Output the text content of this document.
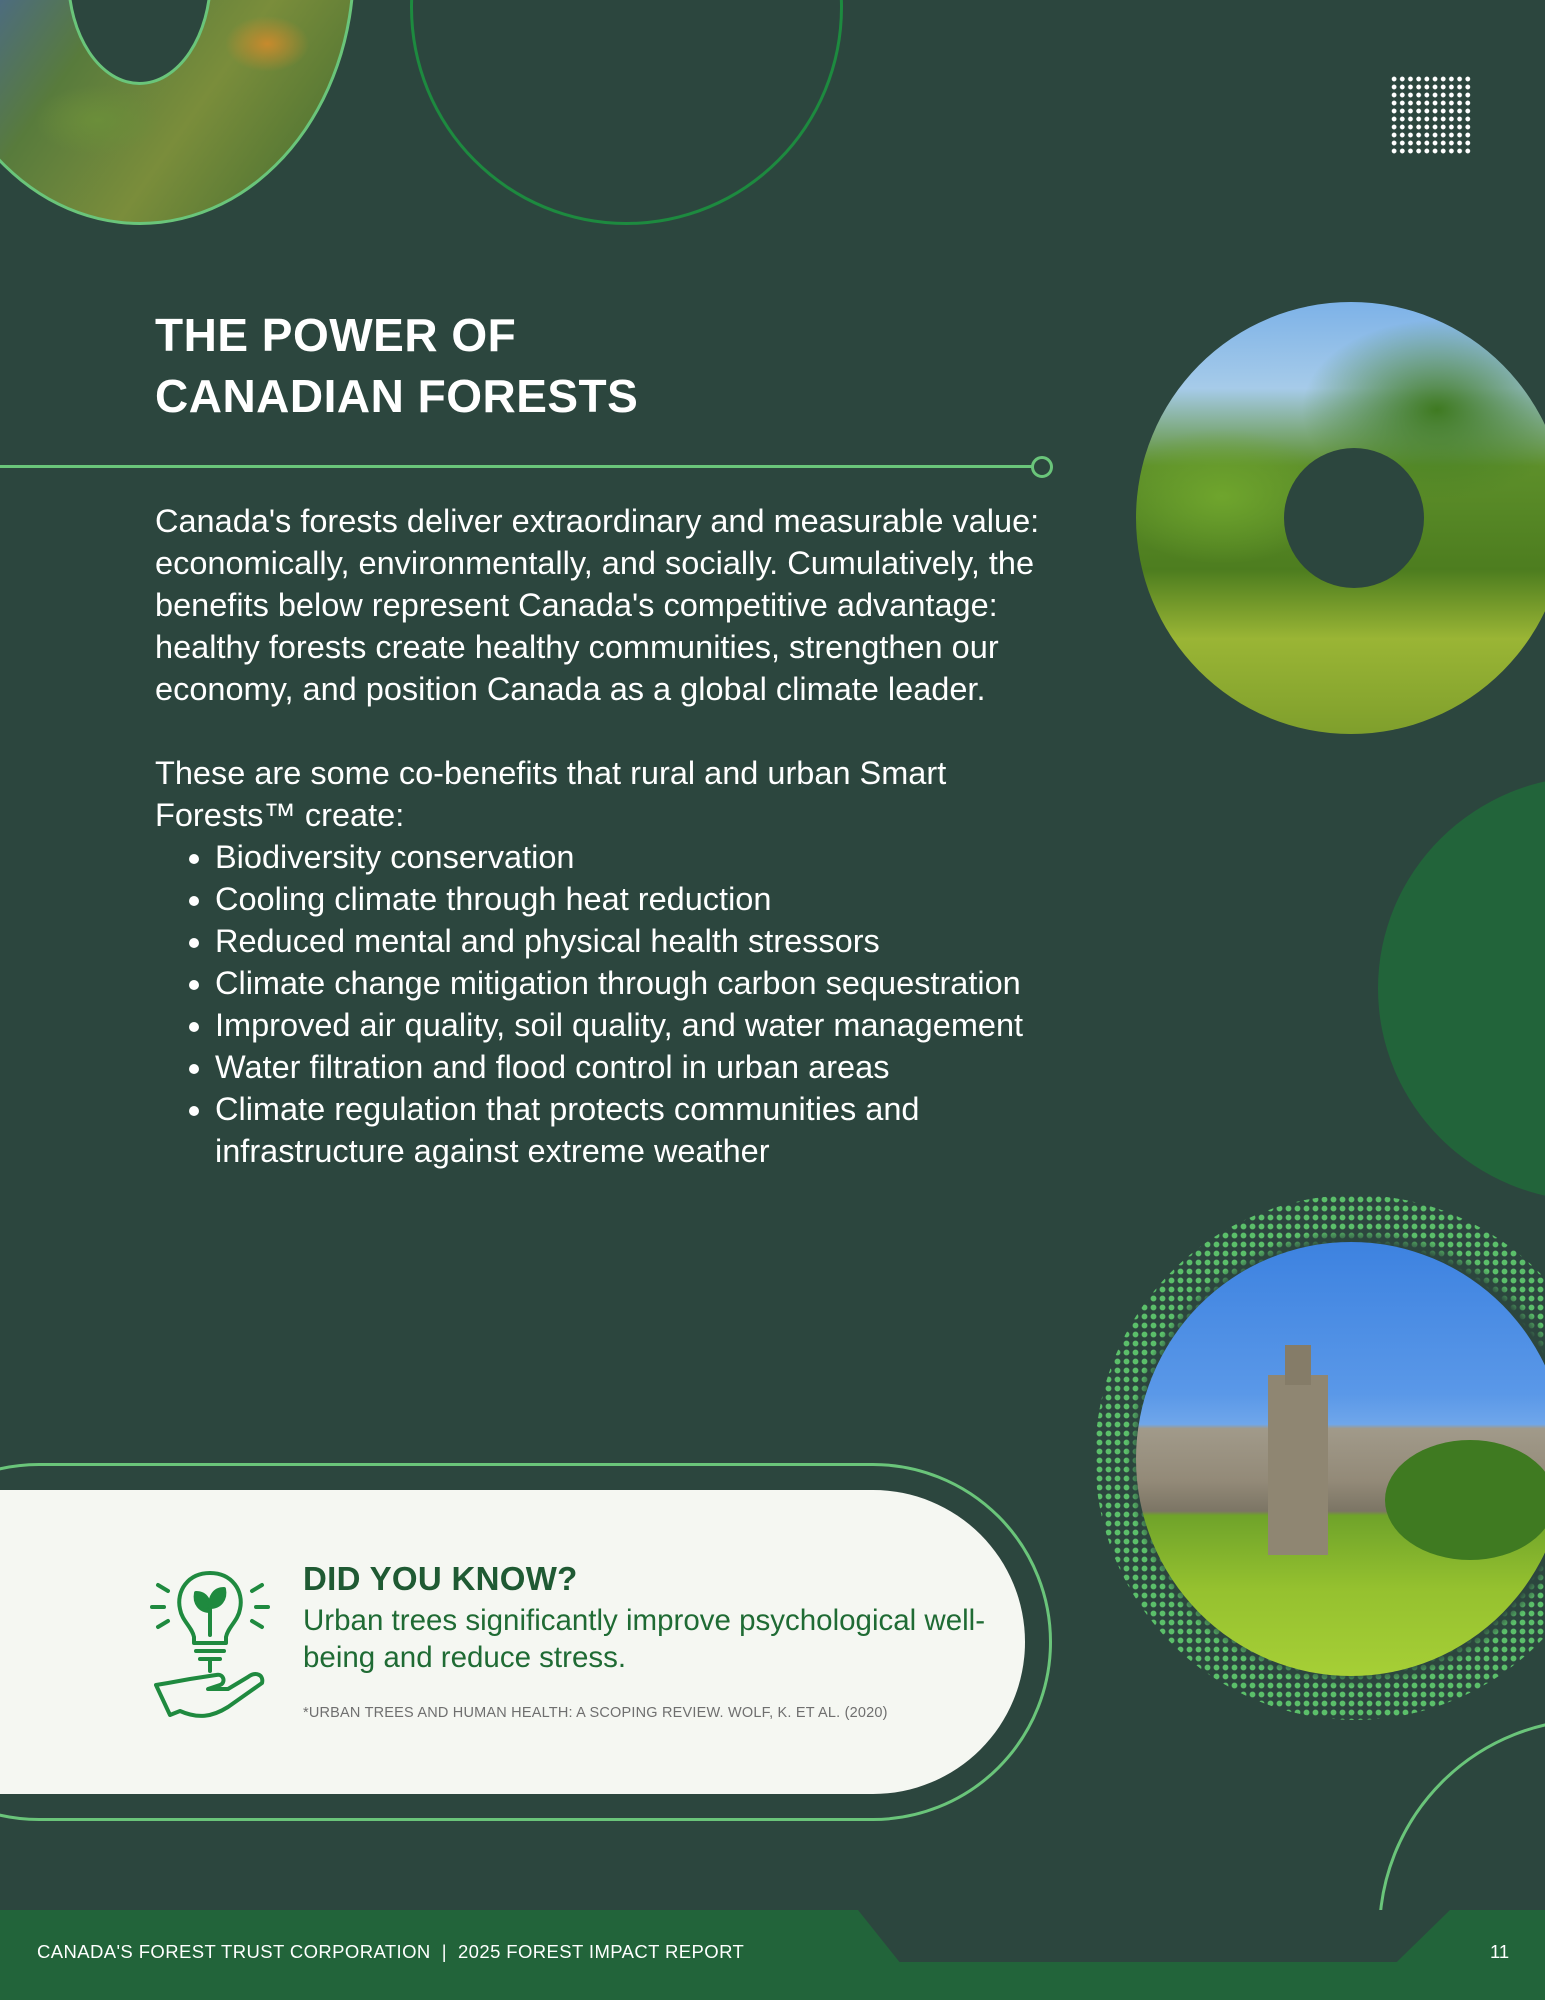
THE POWER OF
CANADIAN FORESTS

Canada's forests deliver extraordinary and measurable value: economically, environmentally, and socially. Cumulatively, the benefits below represent Canada's competitive advantage: healthy forests create healthy communities, strengthen our economy, and position Canada as a global climate leader.

These are some co-benefits that rural and urban Smart Forests™ create:

• Biodiversity conservation
• Cooling climate through heat reduction
• Reduced mental and physical health stressors
• Climate change mitigation through carbon sequestration
• Improved air quality, soil quality, and water management
• Water filtration and flood control in urban areas
• Climate regulation that protects communities and infrastructure against extreme weather
DID YOU KNOW?

Urban trees significantly improve psychological well-being and reduce stress.

*URBAN TREES AND HUMAN HEALTH: A SCOPING REVIEW. WOLF, K. ET AL. (2020)

CANADA'S FOREST TRUST CORPORATION  |  2025 FOREST IMPACT REPORT	11
